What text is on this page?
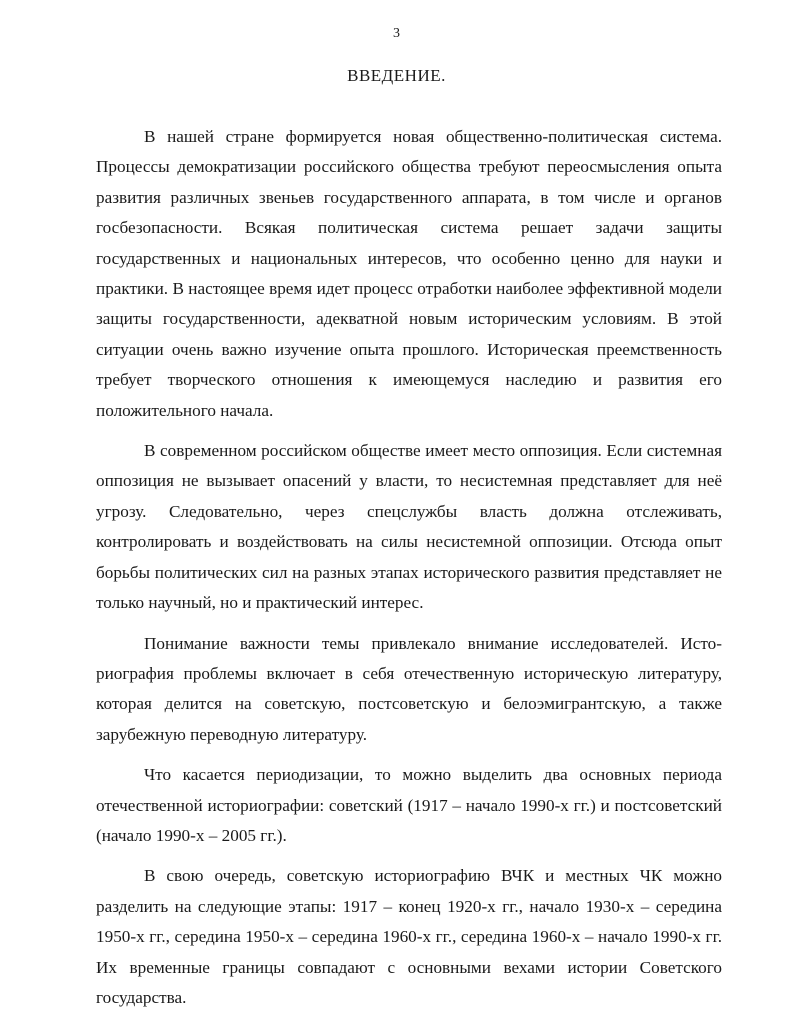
3
ВВЕДЕНИЕ.

В нашей стране формируется новая общественно-политическая система. Процессы демократизации российского общества требуют переосмысления опыта развития различных звеньев государственного аппарата, в том числе и органов госбезопасности. Всякая политическая система решает задачи защиты государственных и национальных интересов, что особенно ценно для науки и практики. В настоящее время идет процесс отработки наиболее эффективной модели защиты государственности, адекватной новым историческим условиям. В этой ситуации очень важно изучение опыта прошлого. Историческая преемственность требует творческого отношения к имеющемуся наследию и развития его положительного начала.

В современном российском обществе имеет место оппозиция. Если системная оппозиция не вызывает опасений у власти, то несистемная представляет для неё угрозу. Следовательно, через спецслужбы власть должна отслеживать, контролировать и воздействовать на силы несистемной оппозиции. Отсюда опыт борьбы политических сил на разных этапах исторического развития представляет не только научный, но и практический интерес.

Понимание важности темы привлекало внимание исследователей. Историография проблемы включает в себя отечественную историческую литературу, которая делится на советскую, постсоветскую и белоэмигрантскую, а также зарубежную переводную литературу.

Что касается периодизации, то можно выделить два основных периода отечественной историографии: советский (1917 – начало 1990-х гг.) и постсоветский (начало 1990-х – 2005 гг.).

В свою очередь, советскую историографию ВЧК и местных ЧК можно разделить на следующие этапы: 1917 – конец 1920-х гг., начало 1930-х – середина 1950-х гг., середина 1950-х – середина 1960-х гг., середина 1960-х – начало 1990-х гг. Их временные границы совпадают с основными вехами истории Советского государства.
